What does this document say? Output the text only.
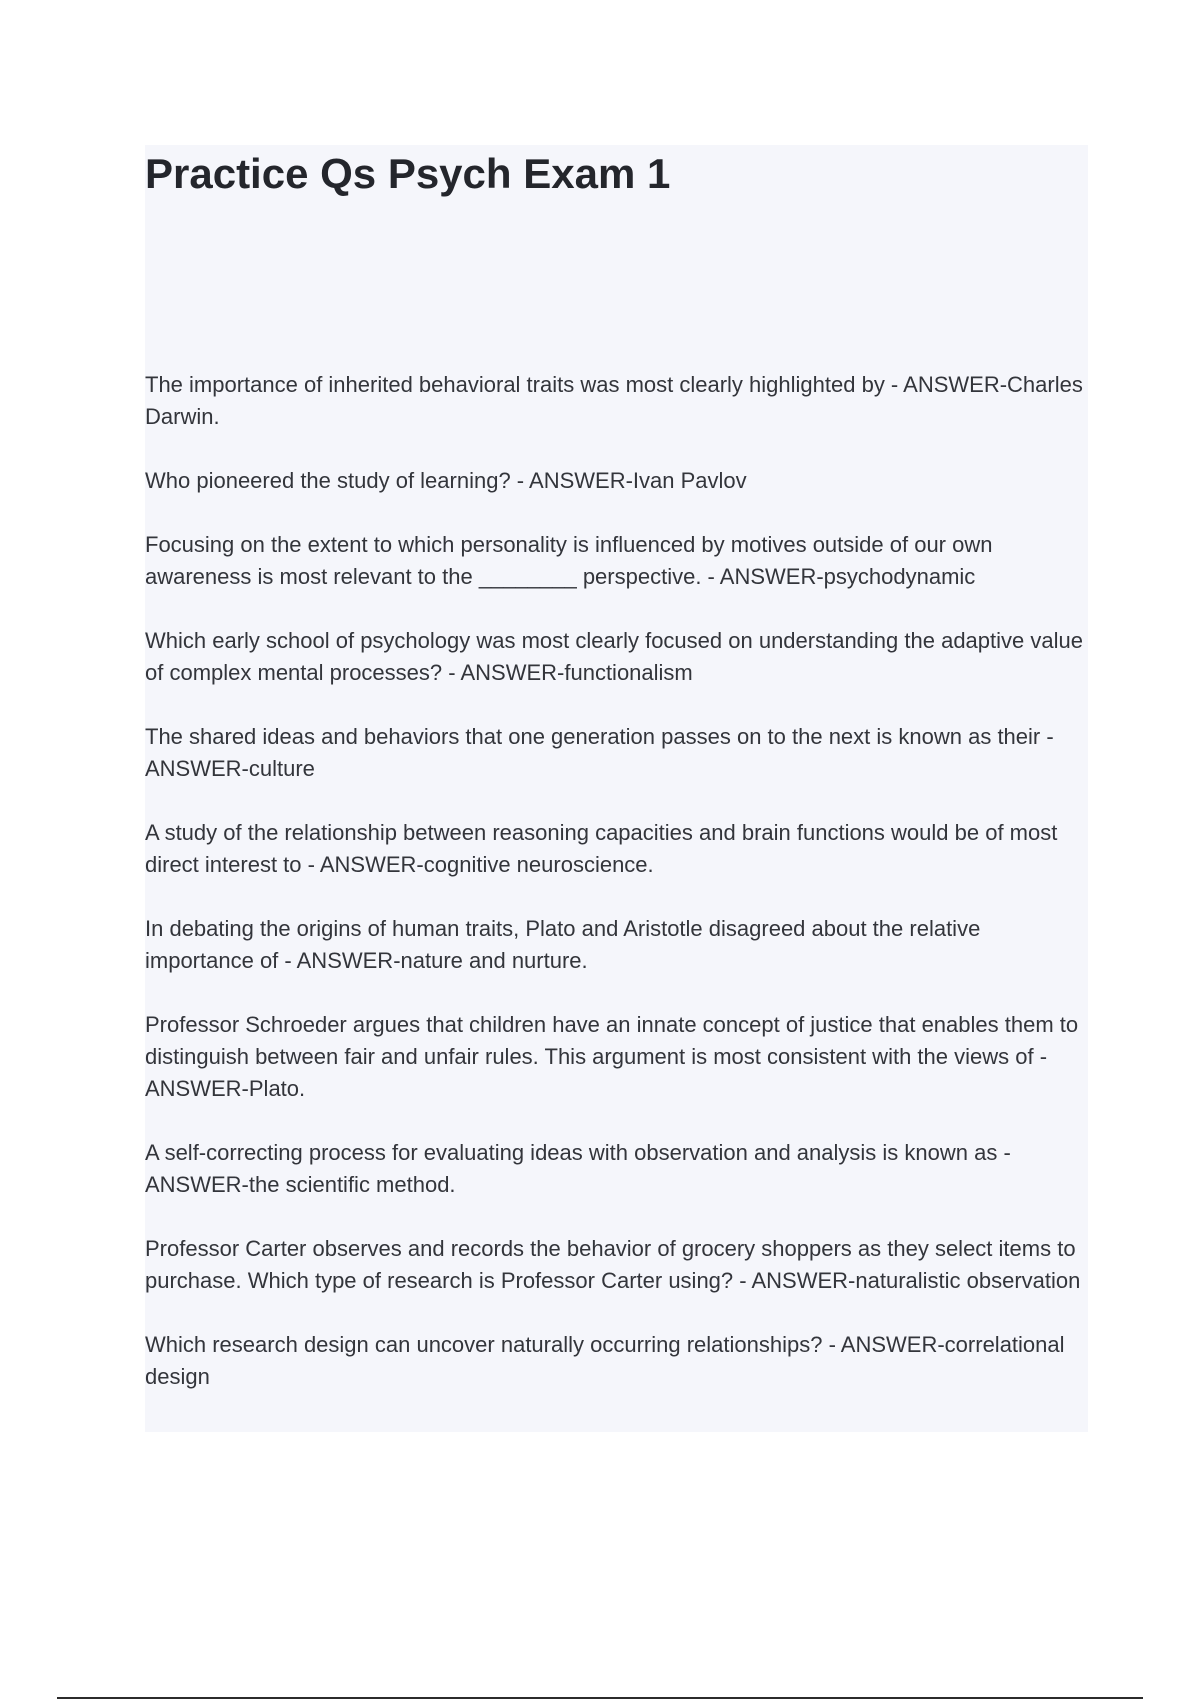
Practice Qs Psych Exam 1
The importance of inherited behavioral traits was most clearly highlighted by - ANSWER-Charles Darwin.
Who pioneered the study of learning? - ANSWER-Ivan Pavlov
Focusing on the extent to which personality is influenced by motives outside of our own awareness is most relevant to the ________ perspective. - ANSWER-psychodynamic
Which early school of psychology was most clearly focused on understanding the adaptive value of complex mental processes? - ANSWER-functionalism
The shared ideas and behaviors that one generation passes on to the next is known as their - ANSWER-culture
A study of the relationship between reasoning capacities and brain functions would be of most direct interest to - ANSWER-cognitive neuroscience.
In debating the origins of human traits, Plato and Aristotle disagreed about the relative importance of - ANSWER-nature and nurture.
Professor Schroeder argues that children have an innate concept of justice that enables them to distinguish between fair and unfair rules. This argument is most consistent with the views of - ANSWER-Plato.
A self-correcting process for evaluating ideas with observation and analysis is known as - ANSWER-the scientific method.
Professor Carter observes and records the behavior of grocery shoppers as they select items to purchase. Which type of research is Professor Carter using? - ANSWER-naturalistic observation
Which research design can uncover naturally occurring relationships? - ANSWER-correlational design
